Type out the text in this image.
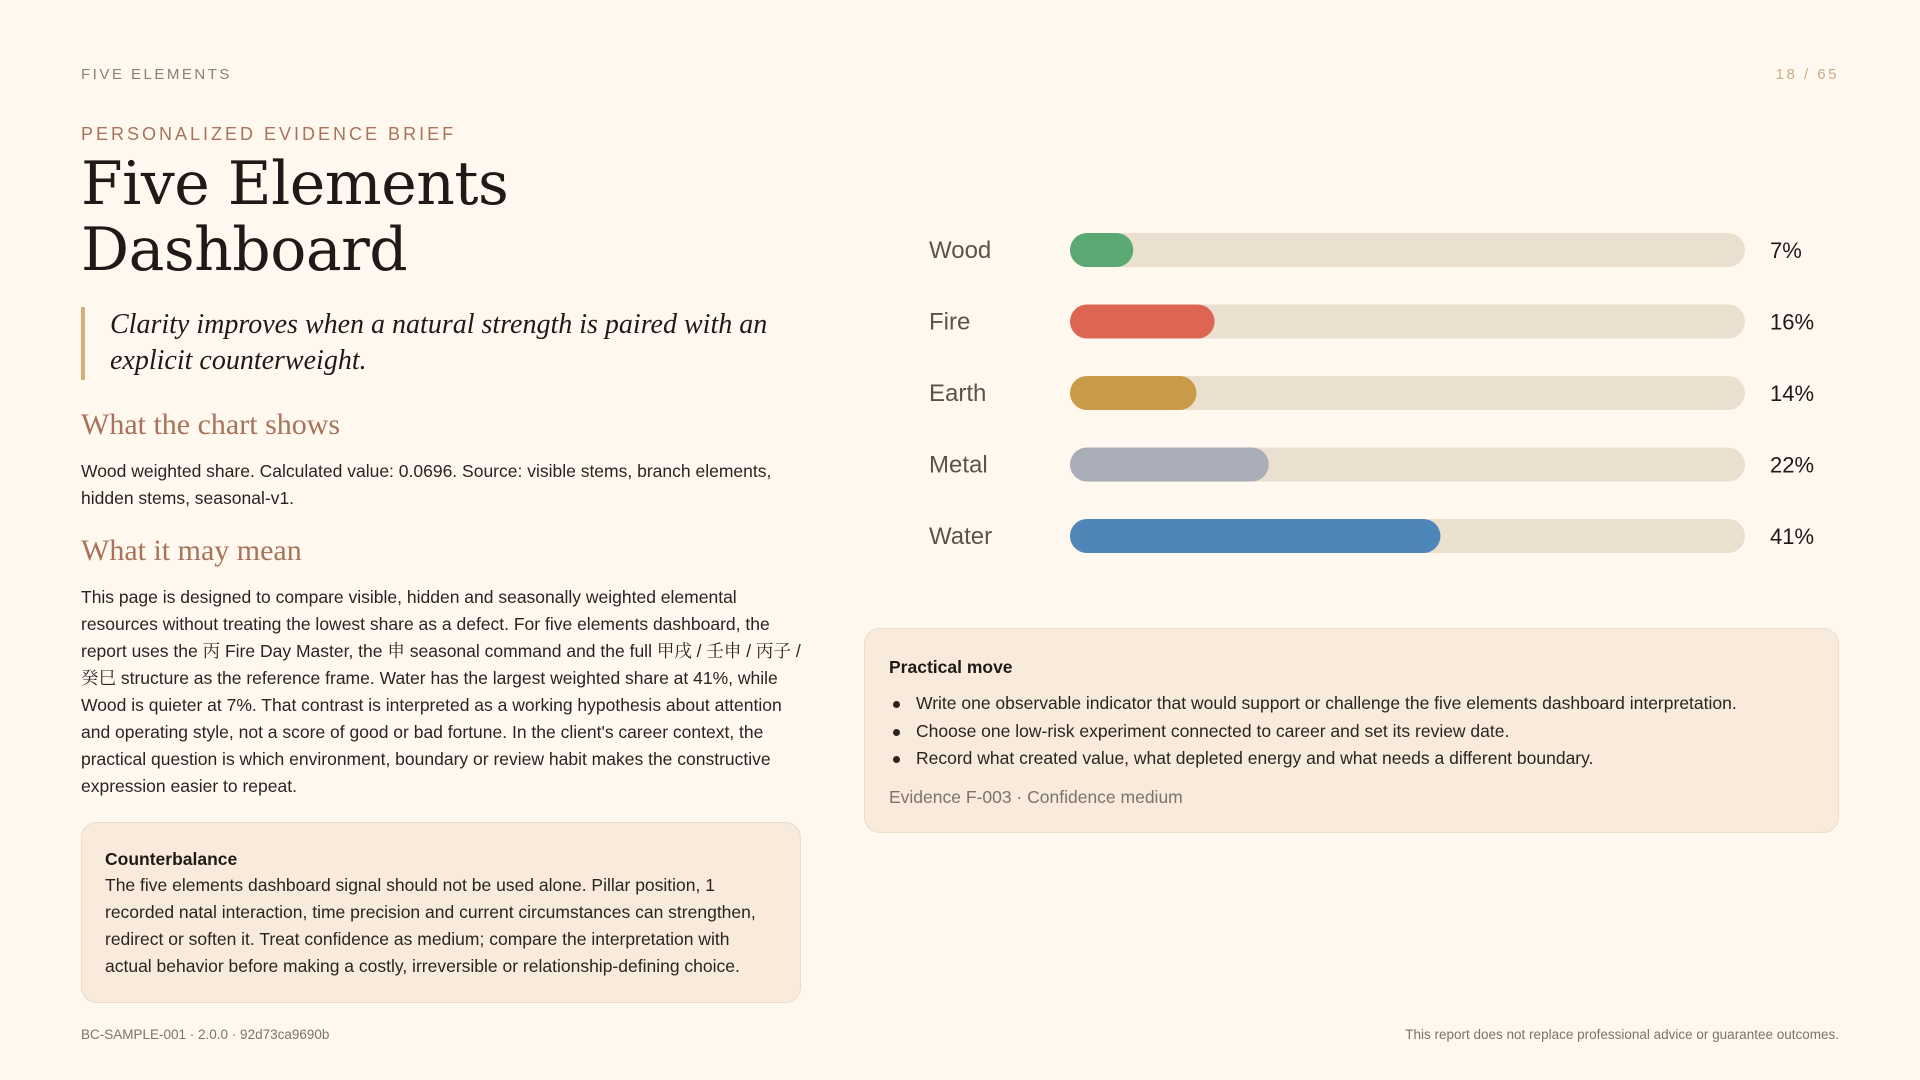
FIVE ELEMENTS	18 / 65
PERSONALIZED EVIDENCE BRIEF
Five Elements Dashboard
Clarity improves when a natural strength is paired with an explicit counterweight.
What the chart shows

Wood weighted share. Calculated value: 0.0696. Source: visible stems, branch elements, hidden stems, seasonal-v1.

What it may mean

This page is designed to compare visible, hidden and seasonally weighted elemental resources without treating the lowest share as a defect. For five elements dashboard, the report uses the 丙 Fire Day Master, the 申 seasonal command and the full 甲戌 / 壬申 / 丙子 / 癸巳 structure as the reference frame. Water has the largest weighted share at 41%, while Wood is quieter at 7%. That contrast is interpreted as a working hypothesis about attention and operating style, not a score of good or bad fortune. In the client's career context, the practical question is which environment, boundary or review habit makes the constructive expression easier to repeat.

Counterbalance
The five elements dashboard signal should not be used alone. Pillar position, 1 recorded natal interaction, time precision and current circumstances can strengthen, redirect or soften it. Treat confidence as medium; compare the interpretation with actual behavior before making a costly, irreversible or relationship-defining choice.
Wood	7%
Fire	16%
Earth	14%
Metal	22%
Water	41%
Practical move
Write one observable indicator that would support or challenge the five elements dashboard interpretation.
Choose one low-risk experiment connected to career and set its review date.
Record what created value, what depleted energy and what needs a different boundary.
Evidence F-003 · Confidence medium
BC-SAMPLE-001 · 2.0.0 · 92d73ca9690b	This report does not replace professional advice or guarantee outcomes.
